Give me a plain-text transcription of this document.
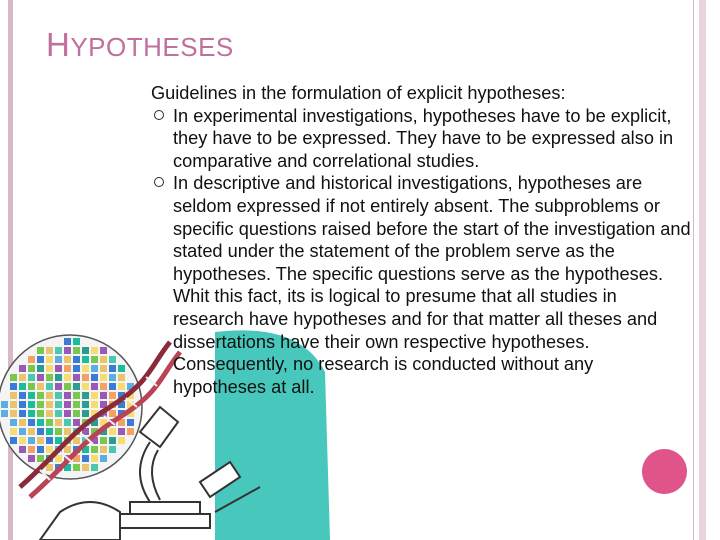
HYPOTHESES

Guidelines in the formulation of explicit hypotheses:

In experimental investigations, hypotheses have to be explicit, they have to be expressed. They have to be expressed also in comparative and correlational studies.
In descriptive and historical investigations, hypotheses are seldom expressed if not entirely absent. The subproblems or specific questions raised before the start of the investigation and stated under the statement of the problem serve as the hypotheses. The specific questions serve as the hypotheses. Whit this fact, its is logical to presume that all studies in research have hypotheses and for that matter all theses and dissertations have their own respective hypotheses. Consequently, no research is conducted without any hypotheses at all.
